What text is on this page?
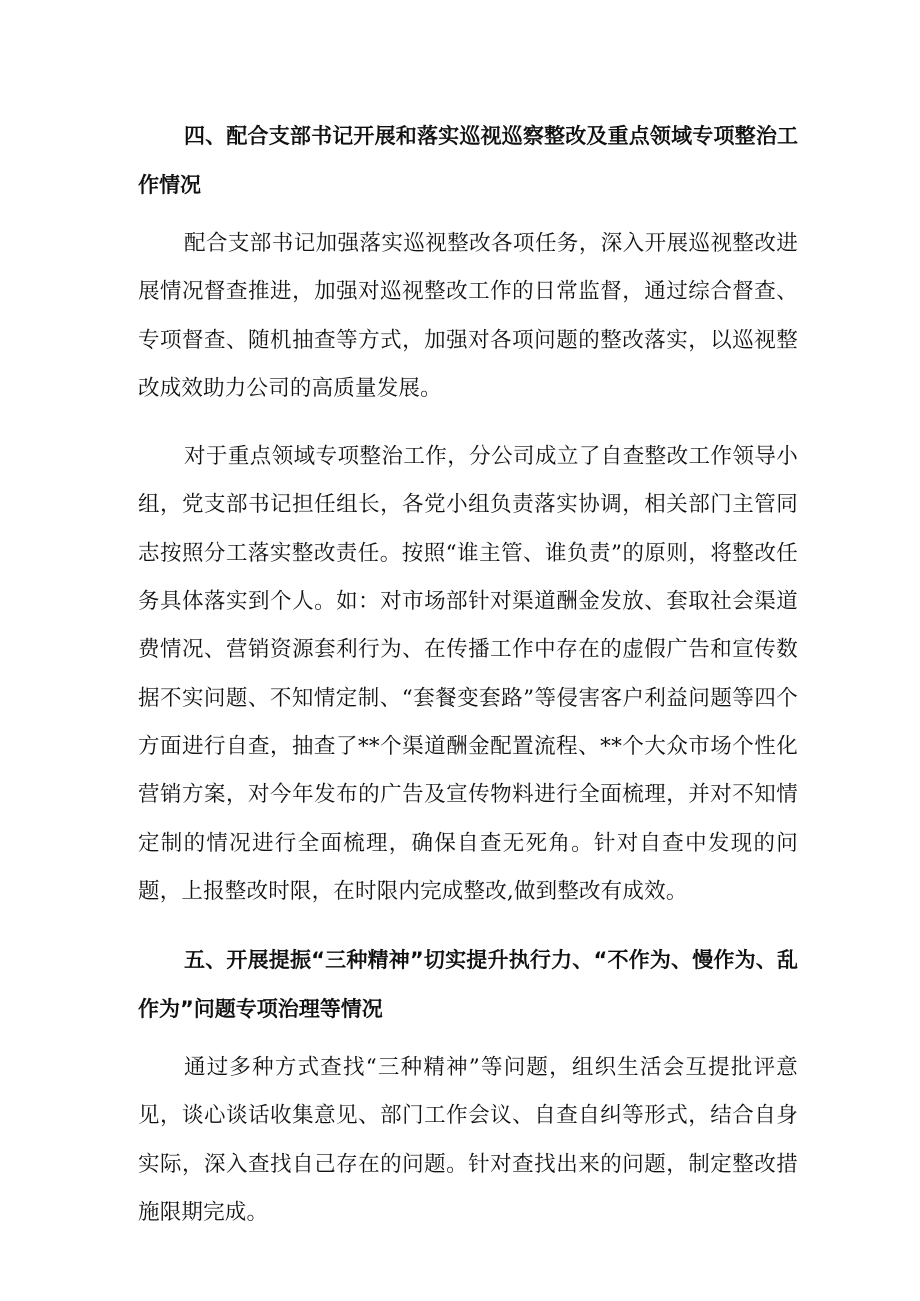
四、配合支部书记开展和落实巡视巡察整改及重点领域专项整治工作情况

配合支部书记加强落实巡视整改各项任务，深入开展巡视整改进展情况督查推进，加强对巡视整改工作的日常监督，通过综合督查、专项督查、随机抽查等方式，加强对各项问题的整改落实，以巡视整改成效助力公司的高质量发展。

对于重点领域专项整治工作，分公司成立了自查整改工作领导小组，党支部书记担任组长，各党小组负责落实协调，相关部门主管同志按照分工落实整改责任。按照“谁主管、谁负责”的原则，将整改任务具体落实到个人。如：对市场部针对渠道酬金发放、套取社会渠道费情况、营销资源套利行为、在传播工作中存在的虚假广告和宣传数据不实问题、不知情定制、“套餐变套路”等侵害客户利益问题等四个方面进行自查，抽查了**个渠道酬金配置流程、**个大众市场个性化营销方案，对今年发布的广告及宣传物料进行全面梳理，并对不知情定制的情况进行全面梳理，确保自查无死角。针对自查中发现的问题，上报整改时限，在时限内完成整改,做到整改有成效。

五、开展提振“三种精神”切实提升执行力、“不作为、慢作为、乱作为”问题专项治理等情况

通过多种方式查找“三种精神”等问题，组织生活会互提批评意见，谈心谈话收集意见、部门工作会议、自查自纠等形式，结合自身实际，深入查找自己存在的问题。针对查找出来的问题，制定整改措施限期完成。
